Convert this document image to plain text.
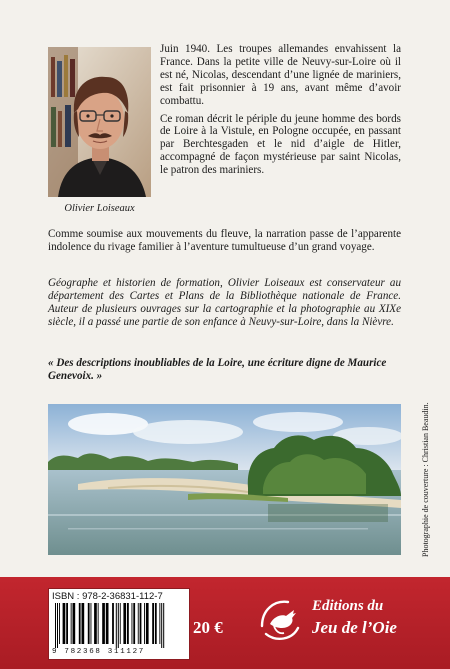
Olivier Loiseaux

Juin 1940. Les troupes allemandes envahissent la France. Dans la petite ville de Neuvy-sur-Loire où il est né, Nicolas, descendant d’une lignée de mariniers, est fait prisonnier à 19 ans, avant même d’avoir combattu.

Ce roman décrit le périple du jeune homme des bords de Loire à la Vistule, en Pologne occupée, en passant par Berchtesgaden et le nid d’aigle de Hitler, accompagné de façon mystérieuse par saint Nicolas, le patron des mariniers.

Comme soumise aux mouvements du fleuve, la narration passe de l’apparente indolence du rivage familier à l’aventure tumultueuse d’un grand voyage.

Géographe et historien de formation, Olivier Loiseaux est conservateur au département des Cartes et Plans de la Bibliothèque nationale de France. Auteur de plusieurs ouvrages sur la cartographie et la photographie au XIXe siècle, il a passé une partie de son enfance à Neuvy-sur-Loire, dans la Nièvre.

« Des descriptions inoubliables de la Loire, une écriture digne de Maurice Genevoix. »

Photographie de couverture : Christian Beaudin.
ISBN : 978-2-36831-112-7
9 782368 311127
20 €
Editions du
Jeu de l’Oie
